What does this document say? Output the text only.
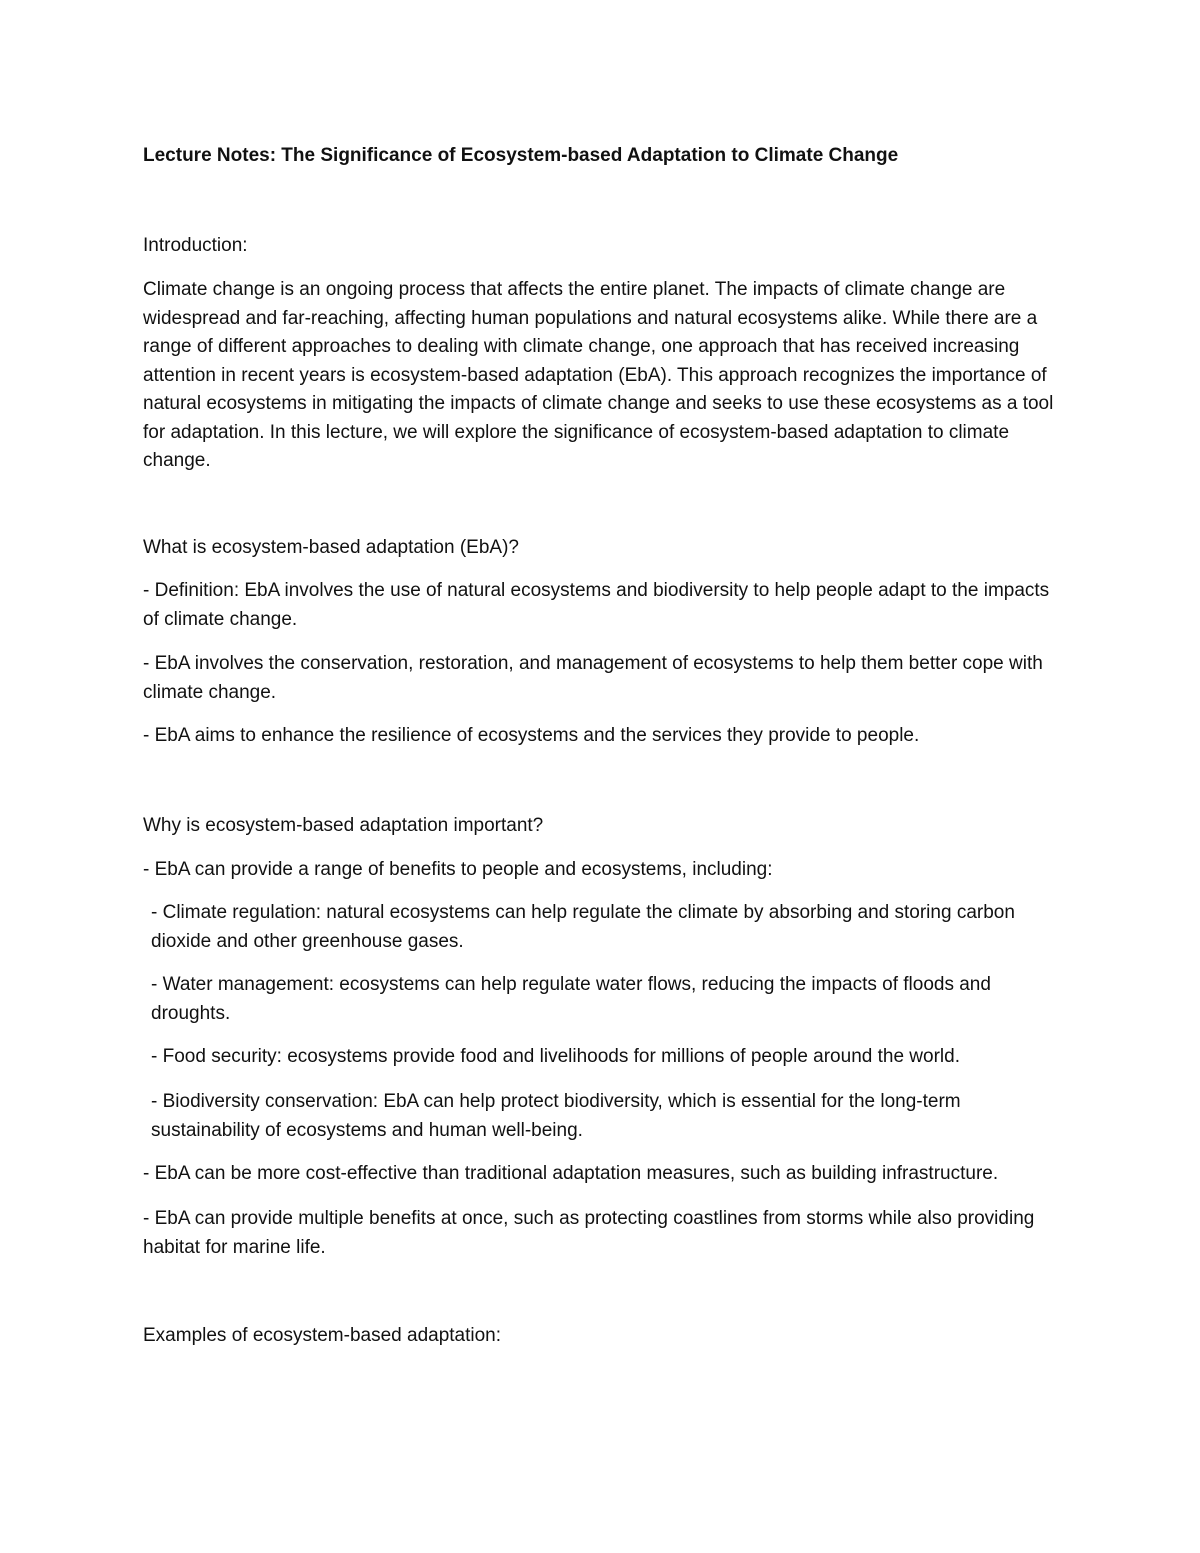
Lecture Notes: The Significance of Ecosystem-based Adaptation to Climate Change

Introduction:

Climate change is an ongoing process that affects the entire planet. The impacts of climate change are widespread and far-reaching, affecting human populations and natural ecosystems alike. While there are a range of different approaches to dealing with climate change, one approach that has received increasing attention in recent years is ecosystem-based adaptation (EbA). This approach recognizes the importance of natural ecosystems in mitigating the impacts of climate change and seeks to use these ecosystems as a tool for adaptation. In this lecture, we will explore the significance of ecosystem-based adaptation to climate change.

What is ecosystem-based adaptation (EbA)?

- Definition: EbA involves the use of natural ecosystems and biodiversity to help people adapt to the impacts of climate change.

- EbA involves the conservation, restoration, and management of ecosystems to help them better cope with climate change.

- EbA aims to enhance the resilience of ecosystems and the services they provide to people.

Why is ecosystem-based adaptation important?

- EbA can provide a range of benefits to people and ecosystems, including:

- Climate regulation: natural ecosystems can help regulate the climate by absorbing and storing carbon dioxide and other greenhouse gases.

- Water management: ecosystems can help regulate water flows, reducing the impacts of floods and droughts.

- Food security: ecosystems provide food and livelihoods for millions of people around the world.

- Biodiversity conservation: EbA can help protect biodiversity, which is essential for the long-term sustainability of ecosystems and human well-being.

- EbA can be more cost-effective than traditional adaptation measures, such as building infrastructure.

- EbA can provide multiple benefits at once, such as protecting coastlines from storms while also providing habitat for marine life.

Examples of ecosystem-based adaptation:
